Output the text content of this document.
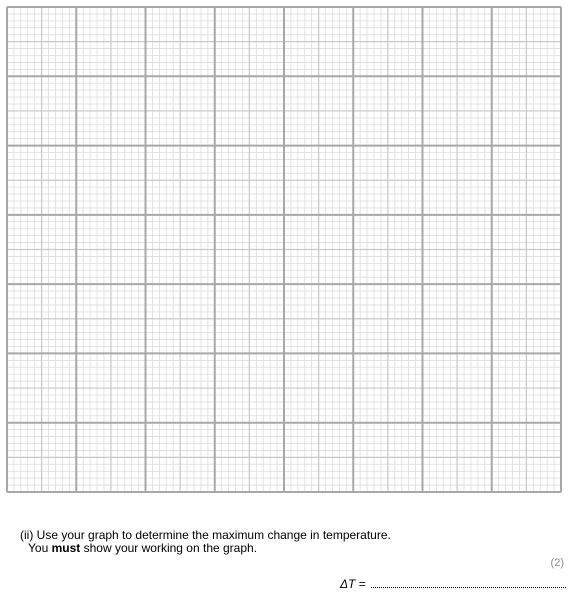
(ii) Use your graph to determine the maximum change in temperature.
You must show your working on the graph.
(2)
ΔT =
